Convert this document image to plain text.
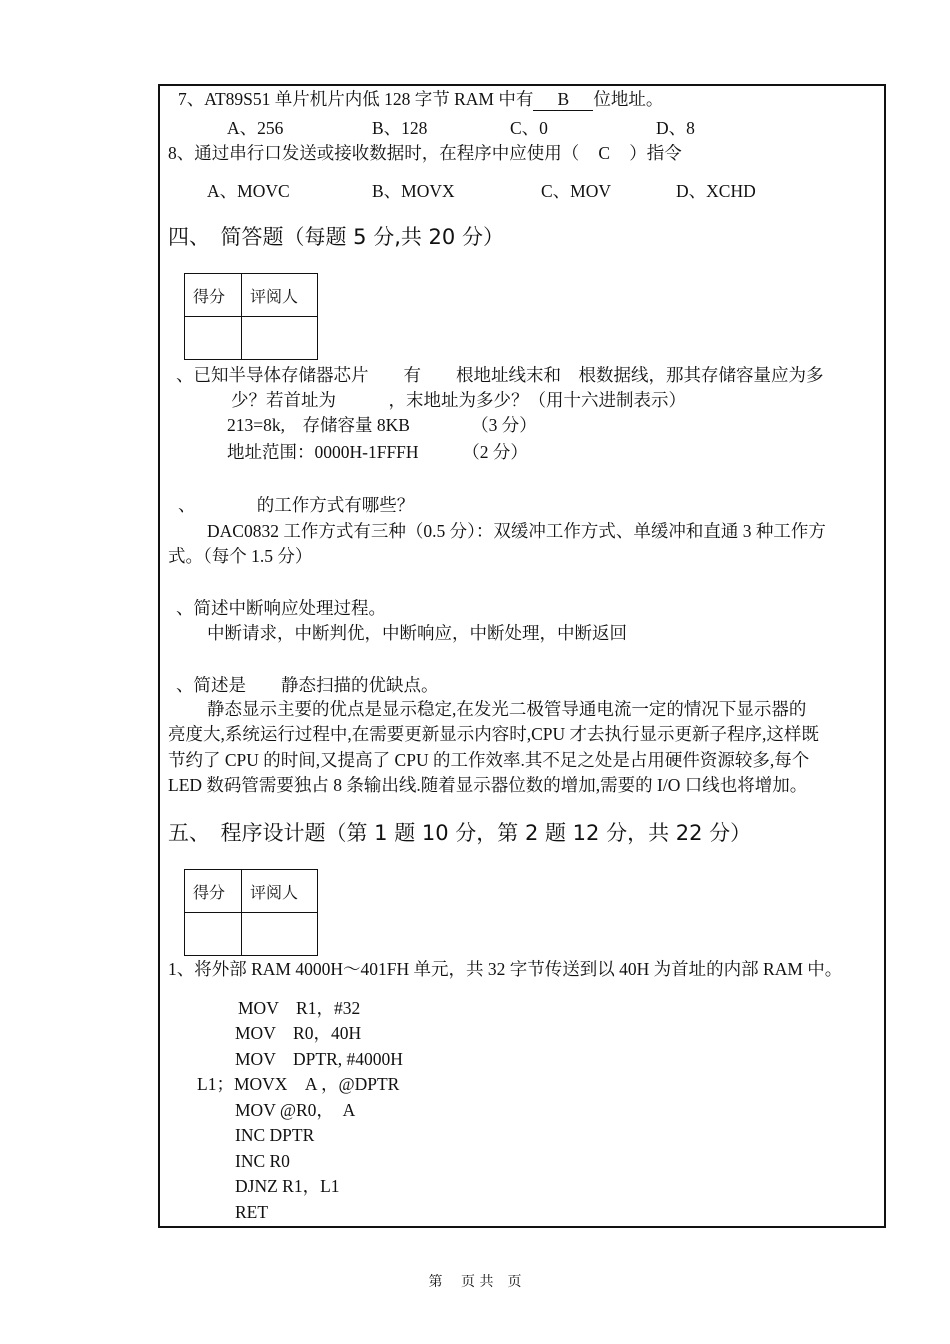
7、AT89S51 单片机片内低 128 字节 RAM 中有 B 位地址。
A、256	B、128	C、0	D、8
8、通过串行口发送或接收数据时，在程序中应使用（ C ）指令
A、MOVC	B、MOVX	C、MOV	D、XCHD
四、　简答题（每题 5 分,共 20 分）
得分	评阅人

、已知半导体存储器芯片　　有　　根地址线末和　根数据线，那其存储容量应为多
少？若首址为　　　，末地址为多少？（用十六进制表示）
213=8k,　存储容量 8KB　　　　（3 分）
地址范围：0000H-1FFFH　　　（2 分）
、　　　　的工作方式有哪些？
DAC0832 工作方式有三种（0.5 分）：双缓冲工作方式、单缓冲和直通 3 种工作方
式。（每个 1.5 分）
、简述中断响应处理过程。
中断请求，中断判优，中断响应，中断处理，中断返回
、简述是　　静态扫描的优缺点。
静态显示主要的优点是显示稳定,在发光二极管导通电流一定的情况下显示器的
亮度大,系统运行过程中,在需要更新显示内容时,CPU 才去执行显示更新子程序,这样既
节约了 CPU 的时间,又提高了 CPU 的工作效率.其不足之处是占用硬件资源较多,每个
LED 数码管需要独占 8 条输出线.随着显示器位数的增加,需要的 I/O 口线也将增加。
五、　程序设计题（第 1 题 10 分，第 2 题 12 分，共 22 分）
得分	评阅人

1、将外部 RAM 4000H～401FH 单元，共 32 字节传送到以 40H 为首址的内部 RAM 中。
MOV　R1，#32
MOV　R0，40H
MOV　DPTR, #4000H
L1；MOVX　A ，@DPTR
MOV @R0，　A
INC DPTR
INC R0
DJNZ R1，L1
RET
第　 页 共　页
